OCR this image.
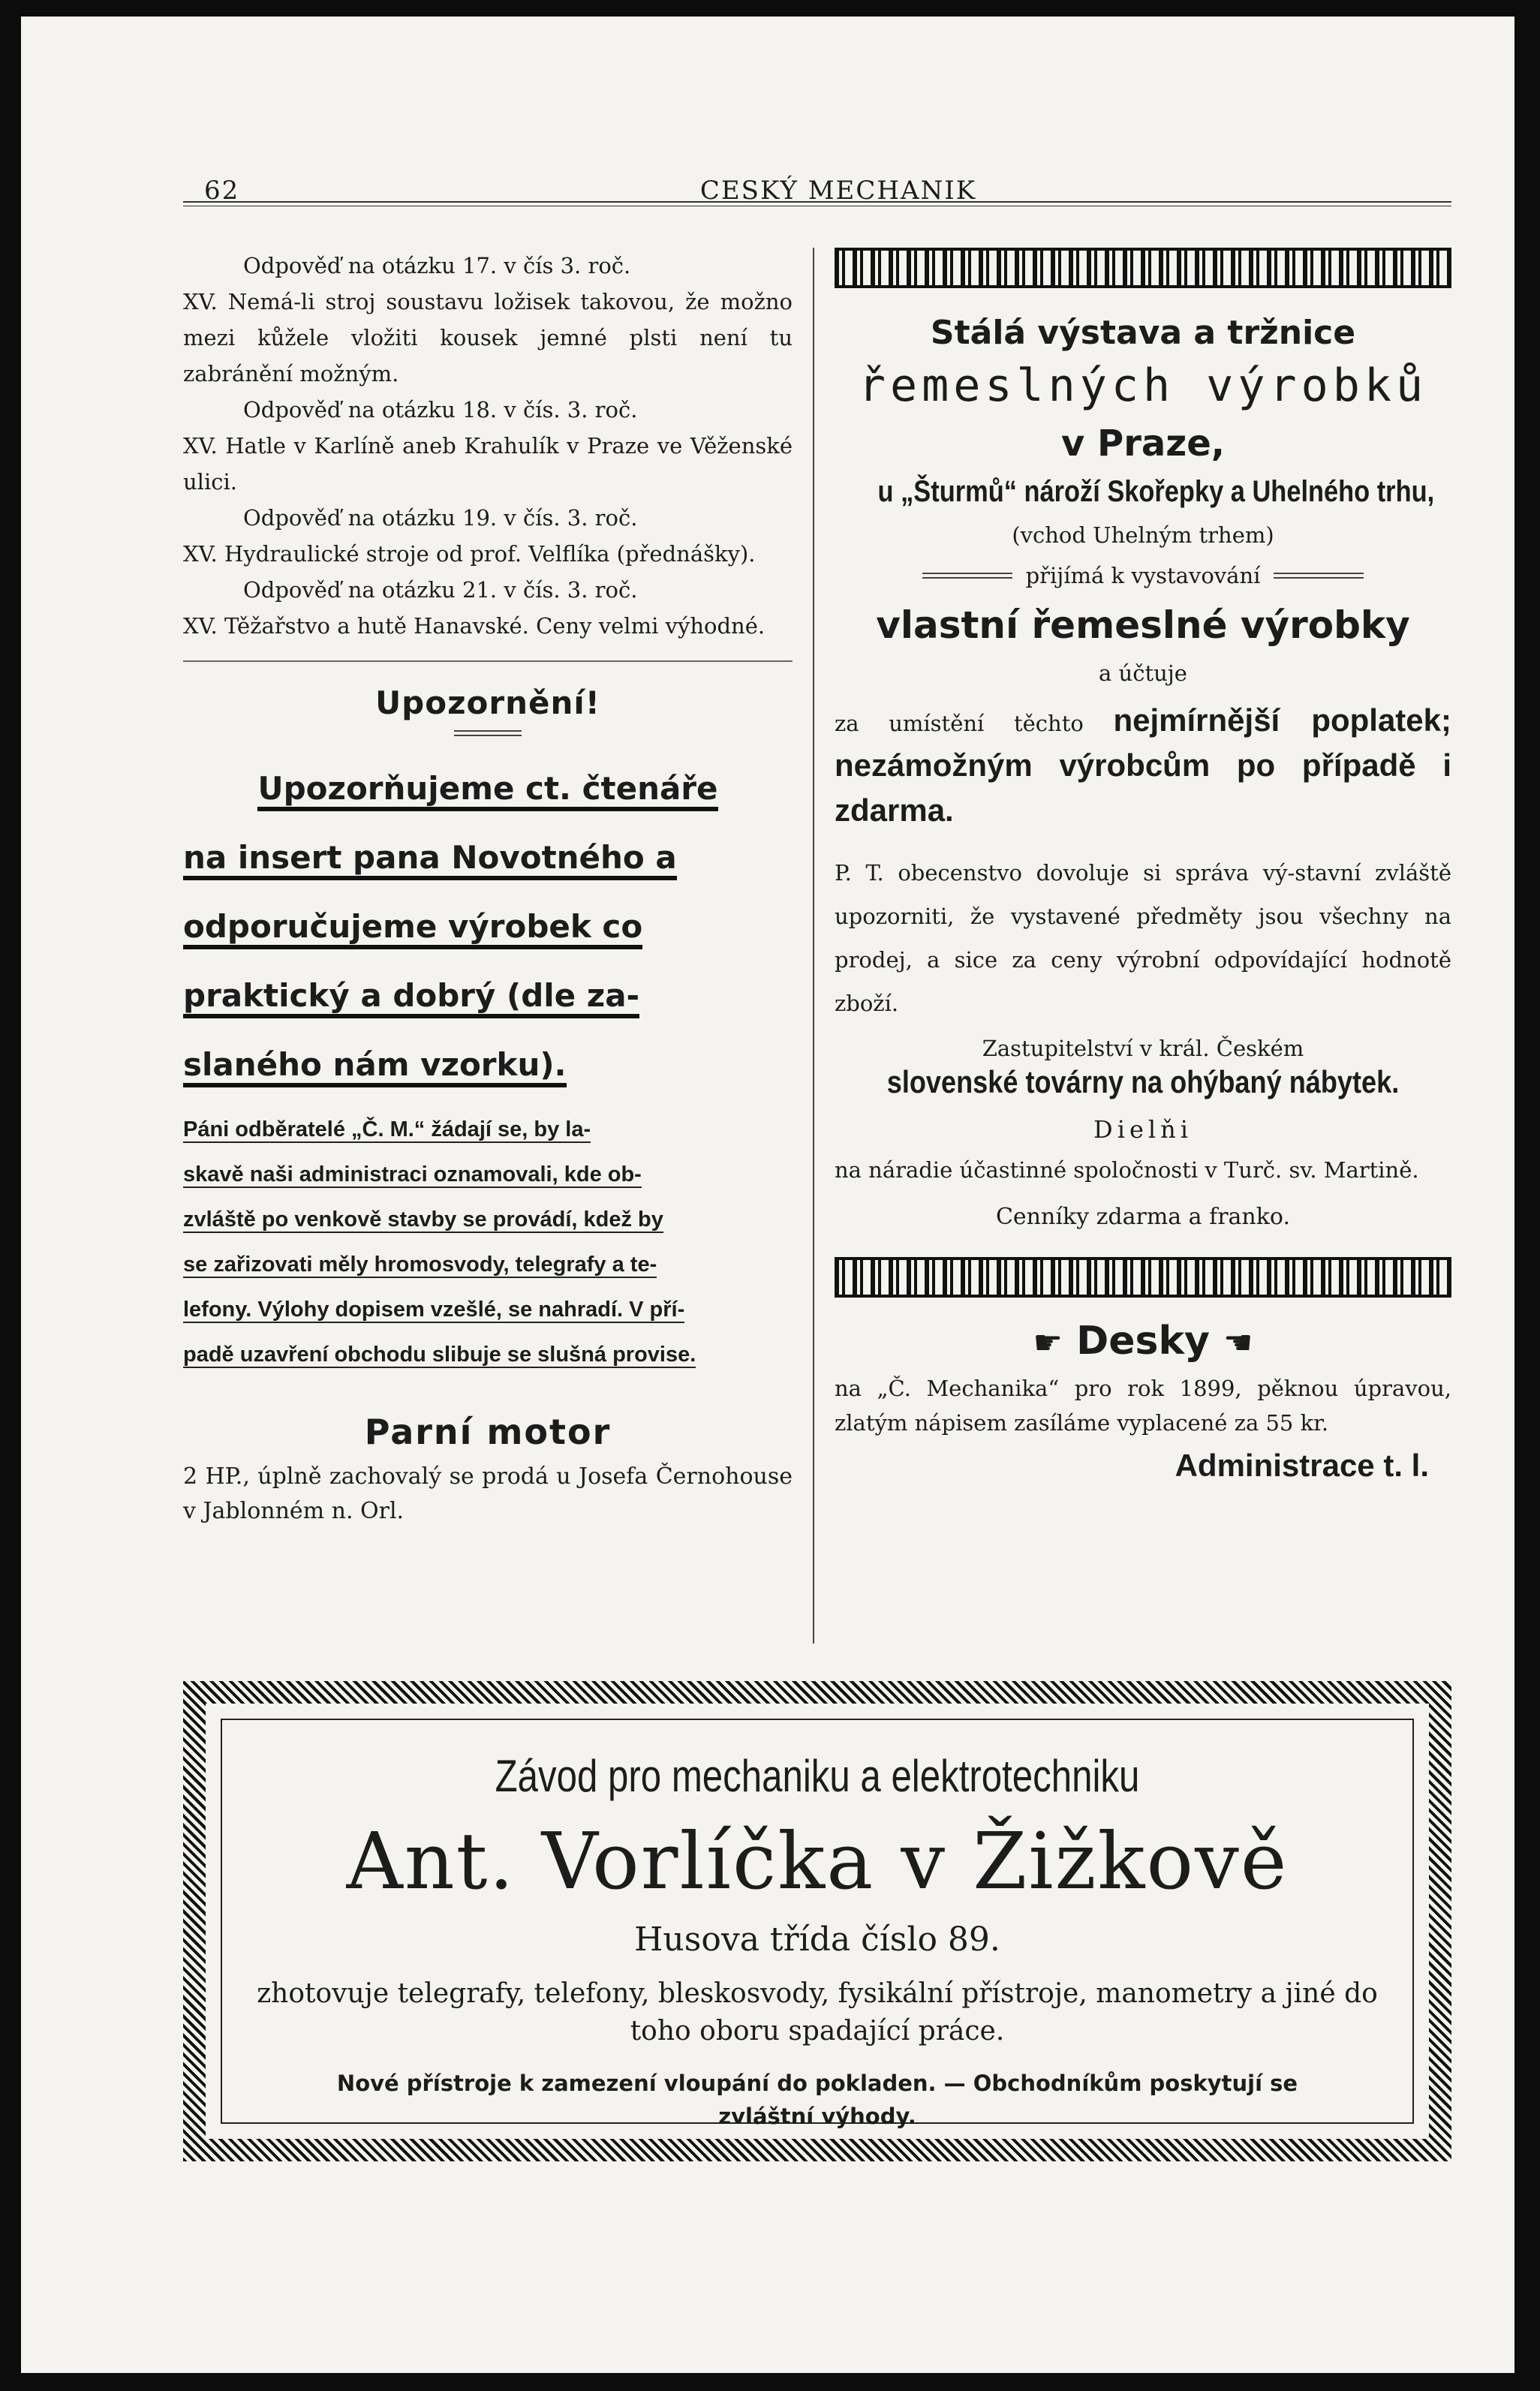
62	CESKÝ MECHANIK

Odpověď na otázku 17. v čís 3. roč.
XV. Nemá-li stroj soustavu ložisek takovou, že možno mezi kůžele vložiti kousek jemné plsti není tu zabránění možným.

Odpověď na otázku 18. v čís. 3. roč.
XV. Hatle v Karlíně aneb Krahulík v Praze ve Věženské ulici.

Odpověď na otázku 19. v čís. 3. roč.
XV. Hydraulické stroje od prof. Velflíka (přednášky).

Odpověď na otázku 21. v čís. 3. roč.
XV. Těžařstvo a hutě Hanavské. Ceny velmi výhodné.

Upozornění!

Upozorňujeme ct. čtenáře

na insert pana Novotného a

odporučujeme výrobek co

praktický a dobrý (dle za-

slaného nám vzorku).

Páni odběratelé „Č. M.“ žádají se, by la-

skavě naši administraci oznamovali, kde ob-

zvláště po venkově stavby se provádí, kdež by

se zařizovati měly hromosvody, telegrafy a te-

lefony. Výlohy dopisem vzešlé, se nahradí. V pří-

padě uzavření obchodu slibuje se slušná provise.

Parní motor

2 HP., úplně zachovalý se prodá u Josefa Černohouse v Jablonném n. Orl.

Stálá výstava a tržnice
řemeslných výrobků
v Praze,
u „Šturmů“ nároží Skořepky a Uhelného trhu,
(vchod Uhelným trhem)
přijímá k vystavování
vlastní řemeslné výrobky
a účtuje

za umístění těchto nejmírnější poplatek; nezámožným výrobcům po případě i zdarma.

P. T. obecenstvo dovoluje si správa vý-stavní zvláště upozorniti, že vystavené předměty jsou všechny na prodej, a sice za ceny výrobní odpovídající hodnotě zboží.

Zastupitelství v král. Českém
slovenské továrny na ohýbaný nábytek.
Dielňi

na náradie účastinné spoločnosti v Turč. sv. Martině.

Cenníky zdarma a franko.
☛ Desky ☚

na „Č. Mechanika“ pro rok 1899, pěknou úpravou, zlatým nápisem zasíláme vyplacené za 55 kr.

Administrace t. l.
Závod pro mechaniku a elektrotechniku
Ant. Vorlíčka v Žižkově
Husova třída číslo 89.

zhotovuje telegrafy, telefony, bleskosvody, fysikální přístroje, manometry a jiné do toho oboru spadající práce.

Nové přístroje k zamezení vloupání do pokladen. — Obchodníkům poskytují se zvláštní výhody.
